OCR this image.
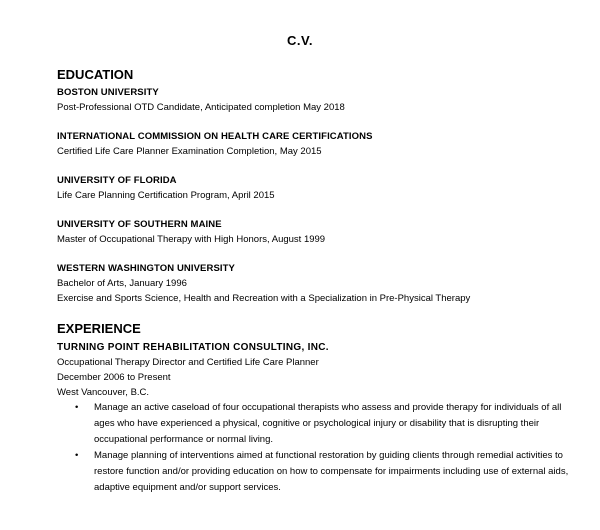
C.V.
EDUCATION
BOSTON UNIVERSITY
Post-Professional OTD Candidate, Anticipated completion May 2018
INTERNATIONAL COMMISSION ON HEALTH CARE CERTIFICATIONS
Certified Life Care Planner Examination Completion, May 2015
UNIVERSITY OF FLORIDA
Life Care Planning Certification Program, April 2015
UNIVERSITY OF SOUTHERN MAINE
Master of Occupational Therapy with High Honors, August 1999
WESTERN WASHINGTON UNIVERSITY
Bachelor of Arts, January 1996
Exercise and Sports Science, Health and Recreation with a Specialization in Pre-Physical Therapy
EXPERIENCE
TURNING POINT REHABILITATION CONSULTING, INC.
Occupational Therapy Director and Certified Life Care Planner
December 2006 to Present
West Vancouver, B.C.
• Manage an active caseload of four occupational therapists who assess and provide therapy for individuals of all ages who have experienced a physical, cognitive or psychological injury or disability that is disrupting their occupational performance or normal living.
• Manage planning of interventions aimed at functional restoration by guiding clients through remedial activities to restore function and/or providing education on how to compensate for impairments including use of external aids, adaptive equipment and/or support services.
